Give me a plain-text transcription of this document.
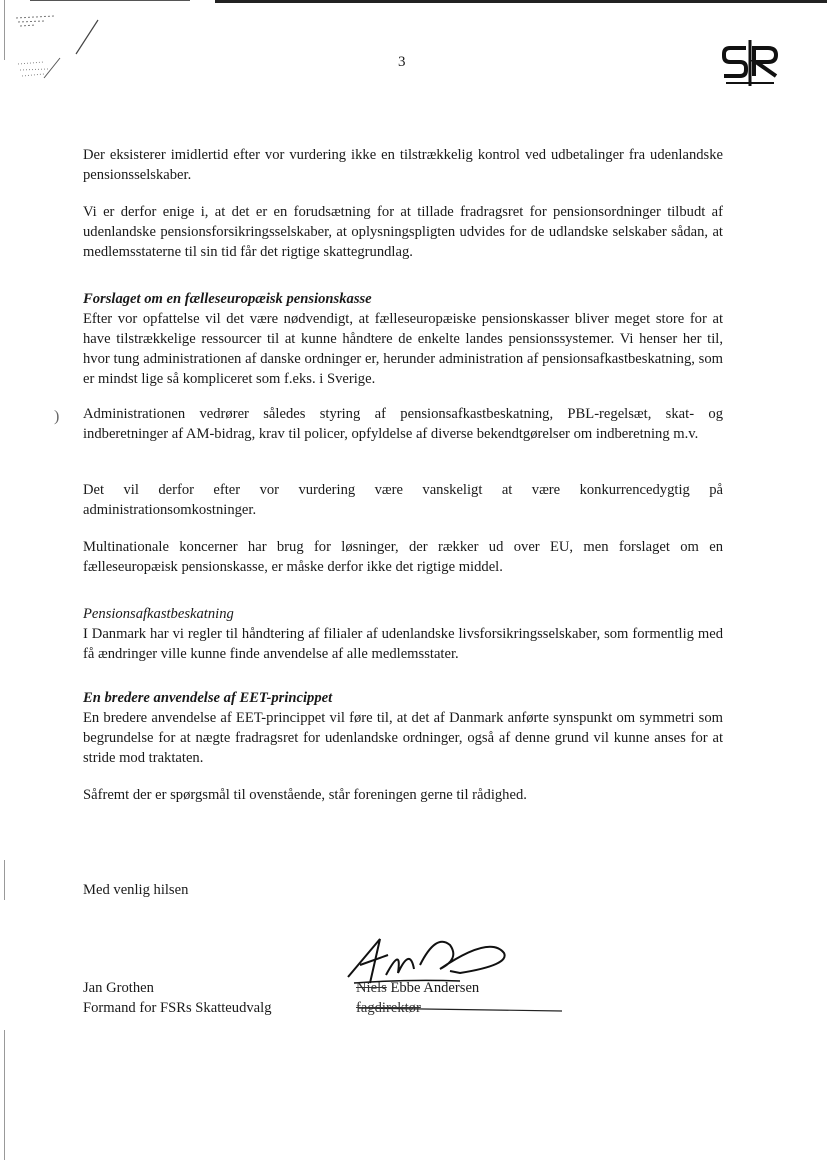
3

Der eksisterer imidlertid efter vor vurdering ikke en tilstrækkelig kontrol ved udbetalinger fra udenlandske pensionsselskaber.

Vi er derfor enige i, at det er en forudsætning for at tillade fradragsret for pensionsordninger tilbudt af udenlandske pensionsforsikringsselskaber, at oplysningspligten udvides for de udlandske selskaber sådan, at medlemsstaterne til sin tid får det rigtige skattegrundlag.

Forslaget om en fælleseuropæisk pensionskasse

Efter vor opfattelse vil det være nødvendigt, at fælleseuropæiske pensionskasser bliver meget store for at have tilstrækkelige ressourcer til at kunne håndtere de enkelte landes pensionssystemer. Vi henser her til, hvor tung administrationen af danske ordninger er, herunder administration af pensionsafkastbeskatning, som er mindst lige så kompliceret som f.eks. i Sverige.

) Administrationen vedrører således styring af pensionsafkastbeskatning, PBL-regelsæt, skat- og indberetninger af AM-bidrag, krav til policer, opfyldelse af diverse bekendtgørelser om indberetning m.v.

Det vil derfor efter vor vurdering være vanskeligt at være konkurrencedygtig på administrationsomkostninger.

Multinationale koncerner har brug for løsninger, der rækker ud over EU, men forslaget om en fælleseuropæisk pensionskasse, er måske derfor ikke det rigtige middel.

Pensionsafkastbeskatning

I Danmark har vi regler til håndtering af filialer af udenlandske livsforsikringsselskaber, som formentlig med få ændringer ville kunne finde anvendelse af alle medlemsstater.

En bredere anvendelse af EET-princippet

En bredere anvendelse af EET-princippet vil føre til, at det af Danmark anførte synspunkt om symmetri som begrundelse for at nægte fradragsret for udenlandske ordninger, også af denne grund vil kunne anses for at stride mod traktaten.

Såfremt der er spørgsmål til ovenstående, står foreningen gerne til rådighed.

Med venlig hilsen
Jan Grothen
Formand for FSRs Skatteudvalg
Niels Ebbe Andersen
fagdirektør
